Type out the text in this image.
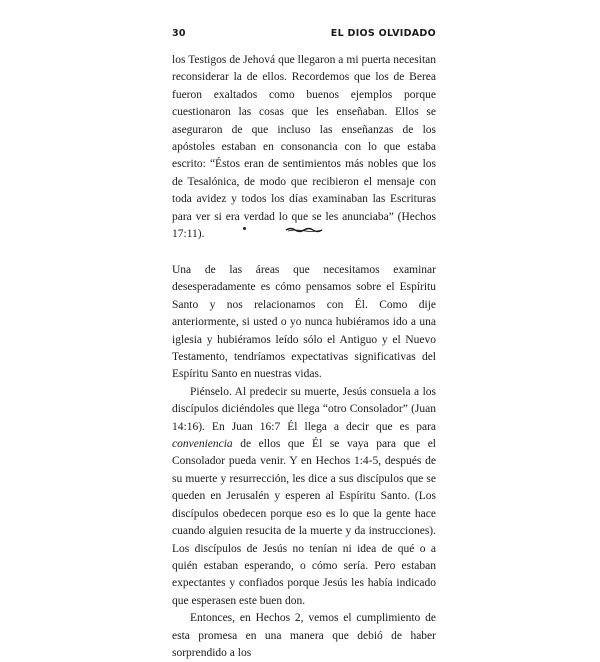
30	EL DIOS OLVIDADO

los Testigos de Jehová que llegaron a mi puerta necesitan reconsiderar la de ellos. Recordemos que los de Berea fueron exaltados como buenos ejemplos porque cuestionaron las cosas que les enseñaban. Ellos se aseguraron de que incluso las enseñanzas de los apóstoles estaban en consonancia con lo que estaba escrito: “Éstos eran de sentimientos más nobles que los de Tesalónica, de modo que recibieron el mensaje con toda avidez y todos los días examinaban las Escrituras para ver si era verdad lo que se les anunciaba” (Hechos 17:11).

Una de las áreas que necesitamos examinar desesperadamente es cómo pensamos sobre el Espíritu Santo y nos relacionamos con Él. Como dije anteriormente, si usted o yo nunca hubiéramos ido a una iglesia y hubiéramos leído sólo el Antiguo y el Nuevo Testamento, tendríamos expectativas significativas del Espíritu Santo en nuestras vidas.

Piénselo. Al predecir su muerte, Jesús consuela a los discípulos diciéndoles que llega “otro Consolador” (Juan 14:16). En Juan 16:7 Él llega a decir que es para conveniencia de ellos que Él se vaya para que el Consolador pueda venir. Y en Hechos 1:4-5, después de su muerte y resurrección, les dice a sus discípulos que se queden en Jerusalén y esperen al Espíritu Santo. (Los discípulos obedecen porque eso es lo que la gente hace cuando alguien resucita de la muerte y da instrucciones). Los discípulos de Jesús no tenían ni idea de qué o a quién estaban esperando, o cómo sería. Pero estaban expectantes y confiados porque Jesús les había indicado que esperasen este buen don.

Entonces, en Hechos 2, vemos el cumplimiento de esta promesa en una manera que debió de haber sorprendido a los
